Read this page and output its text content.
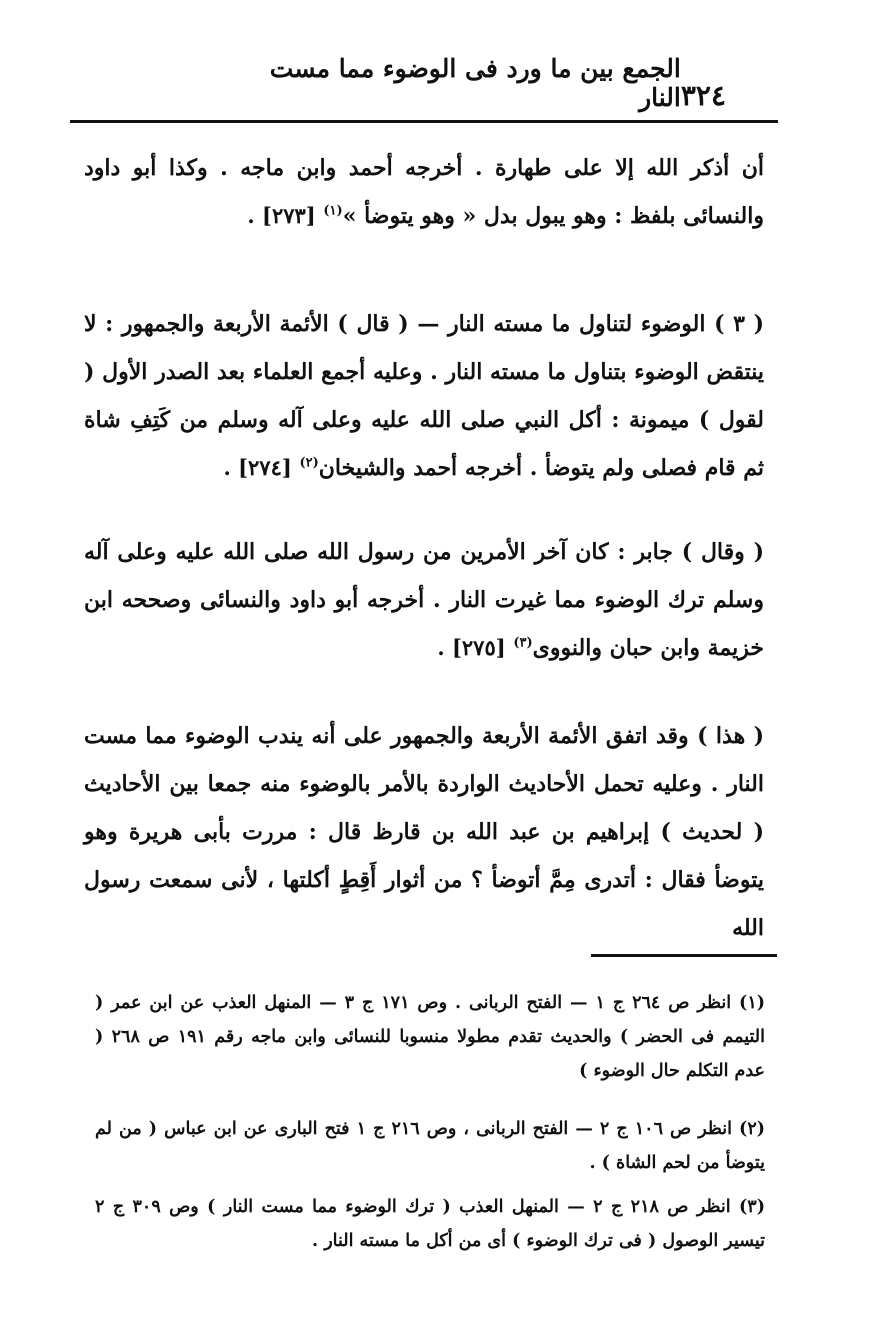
الجمع بين ما ورد فى الوضوء مما مست النار ٣٢٤
أن أذكر الله إلا على طهارة . أخرجه أحمد وابن ماجه . وكذا أبو داود والنسائى بلفظ : وهو يبول بدل « وهو يتوضأ »$^{(١)}$ [٢٧٣] .
( ٣ ) الوضوء لتناول ما مسته النار — ( قال ) الأئمة الأربعة والجمهور : لا ينتقض الوضوء بتناول ما مسته النار . وعليه أجمع العلماء بعد الصدر الأول ( لقول ) ميمونة : أكل النبي صلى الله عليه وعلى آله وسلم من كَتِفِ شاة ثم قام فصلى ولم يتوضأ . أخرجه أحمد والشيخان$^{(٢)}$ [٢٧٤] .
( وقال ) جابر : كان آخر الأمرين من رسول الله صلى الله عليه وعلى آله وسلم ترك الوضوء مما غيرت النار . أخرجه أبو داود والنسائى وصححه ابن خزيمة وابن حبان والنووى$^{(٣)}$ [٢٧٥] .
( هذا ) وقد اتفق الأئمة الأربعة والجمهور على أنه يندب الوضوء مما مست النار . وعليه تحمل الأحاديث الواردة بالأمر بالوضوء منه جمعا بين الأحاديث ( لحديث ) إبراهيم بن عبد الله بن قارظ قال : مررت بأبى هريرة وهو يتوضأ فقال : أتدرى مِمَّ أتوضأ ؟ من أثوار أَقِطٍ أكلتها ، لأنى سمعت رسول الله
(١) انظر ص ٢٦٤ ج ١ — الفتح الربانى . وص ١٧١ ج ٣ — المنهل العذب عن ابن عمر ( التيمم فى الحضر ) والحديث تقدم مطولا منسوبا للنسائى وابن ماجه رقم ١٩١ ص ٢٦٨ ( عدم التكلم حال الوضوء )
(٢) انظر ص ١٠٦ ج ٢ — الفتح الربانى ، وص ٢١٦ ج ١ فتح البارى عن ابن عباس ( من لم يتوضأ من لحم الشاة ) .
(٣) انظر ص ٢١٨ ج ٢ — المنهل العذب ( ترك الوضوء مما مست النار ) وص ٣٠٩ ج ٢ تيسير الوصول ( فى ترك الوضوء ) أى من أكل ما مسته النار .
